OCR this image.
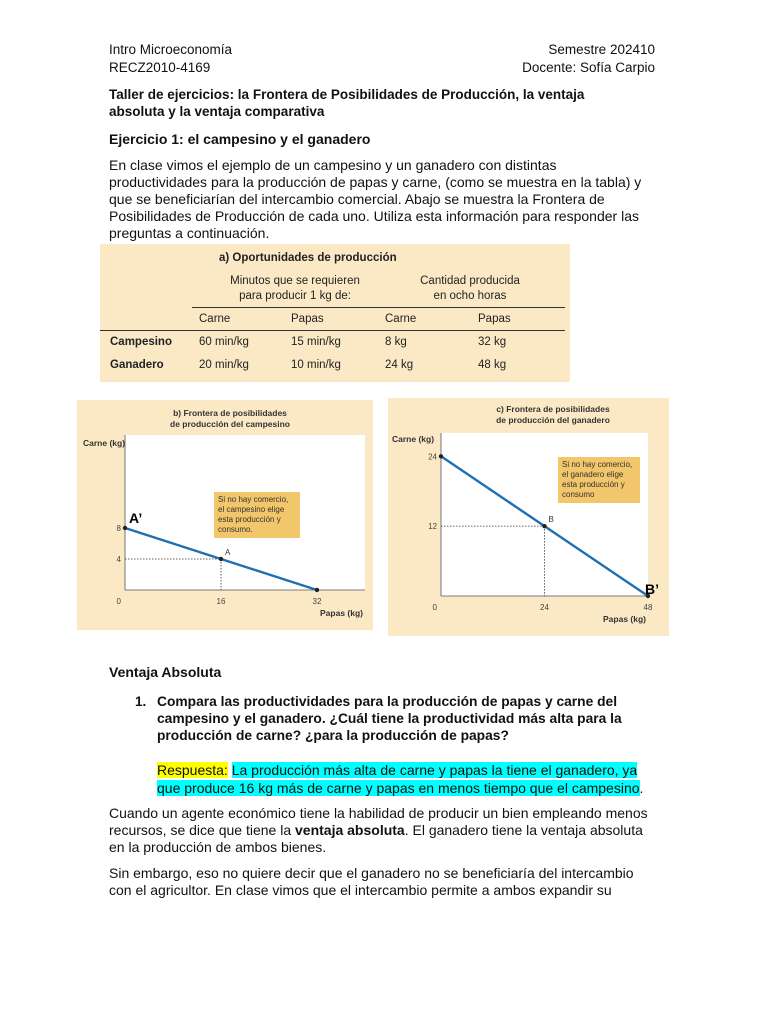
Intro Microeconomía	Semestre 202410
RECZ2010-4169	Docente: Sofía Carpio
Taller de ejercicios: la Frontera de Posibilidades de Producción, la ventaja absoluta y la ventaja comparativa
Ejercicio 1: el campesino y el ganadero
En clase vimos el ejemplo de un campesino y un ganadero con distintas productividades para la producción de papas y carne, (como se muestra en la tabla) y que se beneficiarían del intercambio comercial. Abajo se muestra la Frontera de Posibilidades de Producción de cada uno. Utiliza esta información para responder las preguntas a continuación.
a) Oportunidades de producción
Minutos que se requieren
para producir 1 kg de:
Cantidad producida
en ocho horas
Carne	Papas	Carne	Papas
Campesino 60 min/kg	15 min/kg	8 kg	32 kg
Ganadero	20 min/kg	10 min/kg	24 kg	48 kg
b) Frontera de posibilidades
de producción del campesino
Carne (kg)
Papas (kg)
0	16	32
4
8
A
A’
Si no hay comercio, el campesino elige esta producción y consumo.
c) Frontera de posibilidades
de producción del ganadero
Carne (kg)
Papas (kg)
0	24	48
12
24
B
B’
Si no hay comercio, el ganadero elige esta producción y consumo
Ventaja Absoluta
1. Compara las productividades para la producción de papas y carne del campesino y el ganadero. ¿Cuál tiene la productividad más alta para la producción de carne? ¿para la producción de papas?
Respuesta: La producción más alta de carne y papas la tiene el ganadero, ya
que produce 16 kg más de carne y papas en menos tiempo que el campesino.
Cuando un agente económico tiene la habilidad de producir un bien empleando menos recursos, se dice que tiene la ventaja absoluta. El ganadero tiene la ventaja absoluta en la producción de ambos bienes.
Sin embargo, eso no quiere decir que el ganadero no se beneficiaría del intercambio con el agricultor. En clase vimos que el intercambio permite a ambos expandir su
